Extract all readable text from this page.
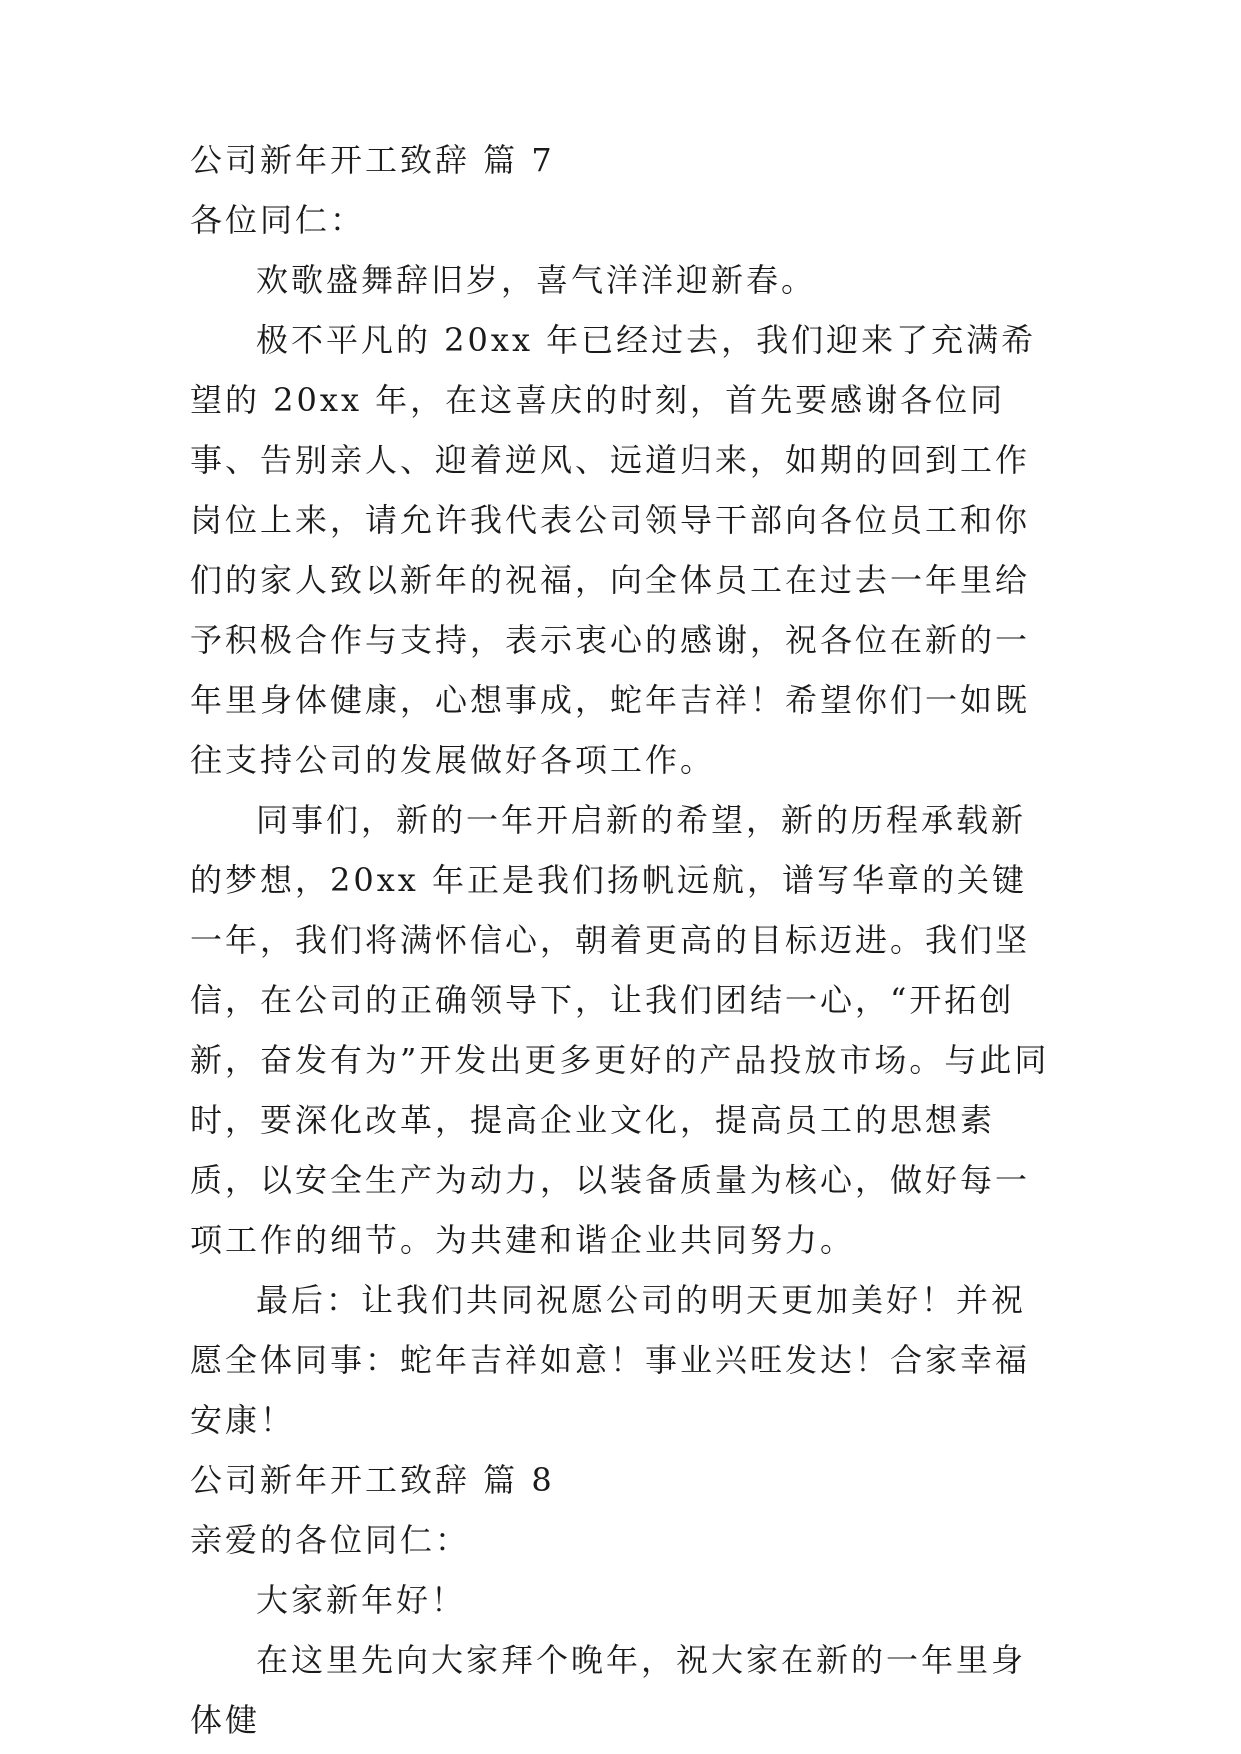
公司新年开工致辞 篇 7

各位同仁：

欢歌盛舞辞旧岁，喜气洋洋迎新春。

极不平凡的 20xx 年已经过去，我们迎来了充满希望的 20xx 年，在这喜庆的时刻，首先要感谢各位同事、告别亲人、迎着逆风、远道归来，如期的回到工作岗位上来，请允许我代表公司领导干部向各位员工和你们的家人致以新年的祝福，向全体员工在过去一年里给予积极合作与支持，表示衷心的感谢，祝各位在新的一年里身体健康，心想事成，蛇年吉祥！希望你们一如既往支持公司的发展做好各项工作。

同事们，新的一年开启新的希望，新的历程承载新的梦想，20xx 年正是我们扬帆远航，谱写华章的关键一年，我们将满怀信心，朝着更高的目标迈进。我们坚信，在公司的正确领导下，让我们团结一心，“开拓创新，奋发有为”开发出更多更好的产品投放市场。与此同时，要深化改革，提高企业文化，提高员工的思想素质，以安全生产为动力，以装备质量为核心，做好每一项工作的细节。为共建和谐企业共同努力。

最后：让我们共同祝愿公司的明天更加美好！并祝愿全体同事：蛇年吉祥如意！事业兴旺发达！合家幸福安康！

公司新年开工致辞 篇 8

亲爱的各位同仁：

大家新年好！

在这里先向大家拜个晚年，祝大家在新的一年里身体健
